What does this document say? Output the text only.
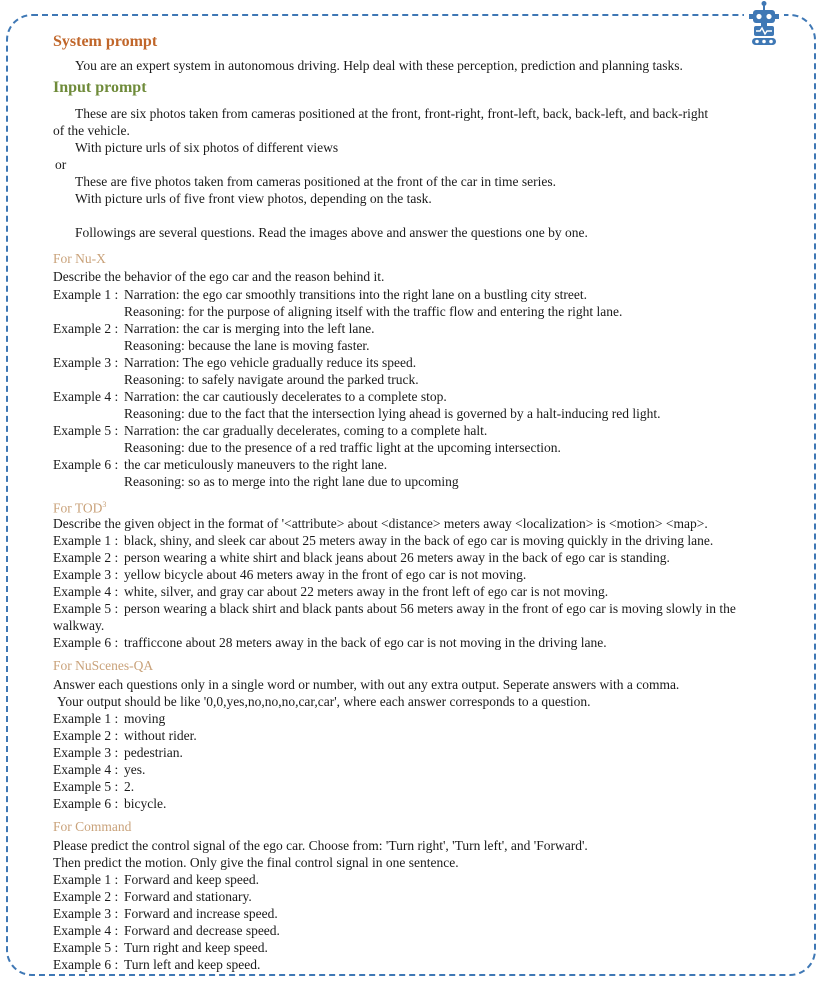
System prompt
You are an expert system in autonomous driving. Help deal with these perception, prediction and planning tasks.
Input prompt
These are six photos taken from cameras positioned at the front, front-right, front-left, back, back-left, and back-right
of the vehicle.
With picture urls of six photos of different views
or
These are five photos taken from cameras positioned at the front of the car in time series.
With picture urls of five front view photos, depending on the task.
Followings are several questions. Read the images above and answer the questions one by one.
For Nu-X
Describe the behavior of the ego car and the reason behind it.
Example 1 : Narration: the ego car smoothly transitions into the right lane on a bustling city street.
Reasoning: for the purpose of aligning itself with the traffic flow and entering the right lane.
Example 2 : Narration: the car is merging into the left lane.
Reasoning: because the lane is moving faster.
Example 3 : Narration: The ego vehicle gradually reduce its speed.
Reasoning: to safely navigate around the parked truck.
Example 4 : Narration: the car cautiously decelerates to a complete stop.
Reasoning: due to the fact that the intersection lying ahead is governed by a halt-inducing red light.
Example 5 : Narration: the car gradually decelerates, coming to a complete halt.
Reasoning: due to the presence of a red traffic light at the upcoming intersection.
Example 6 : the car meticulously maneuvers to the right lane.
Reasoning: so as to merge into the right lane due to upcoming
For TOD$^3$
Describe the given object in the format of '<attribute> about <distance> meters away <localization> is <motion> <map>.
Example 1 : black, shiny, and sleek car about 25 meters away in the back of ego car is moving quickly in the driving lane.
Example 2 : person wearing a white shirt and black jeans about 26 meters away in the back of ego car is standing.
Example 3 : yellow bicycle about 46 meters away in the front of ego car is not moving.
Example 4 : white, silver, and gray car about 22 meters away in the front left of ego car is not moving.
Example 5 : person wearing a black shirt and black pants about 56 meters away in the front of ego car is moving slowly in the
walkway.
Example 6 : trafficcone about 28 meters away in the back of ego car is not moving in the driving lane.
For NuScenes-QA
Answer each questions only in a single word or number, with out any extra output. Seperate answers with a comma.
Your output should be like '0,0,yes,no,no,no,car,car', where each answer corresponds to a question.
Example 1 : moving
Example 2 : without rider.
Example 3 : pedestrian.
Example 4 : yes.
Example 5 : 2.
Example 6 : bicycle.
For Command
Please predict the control signal of the ego car. Choose from: 'Turn right', 'Turn left', and 'Forward'.
Then predict the motion. Only give the final control signal in one sentence.
Example 1 : Forward and keep speed.
Example 2 : Forward and stationary.
Example 3 : Forward and increase speed.
Example 4 : Forward and decrease speed.
Example 5 : Turn right and keep speed.
Example 6 : Turn left and keep speed.
